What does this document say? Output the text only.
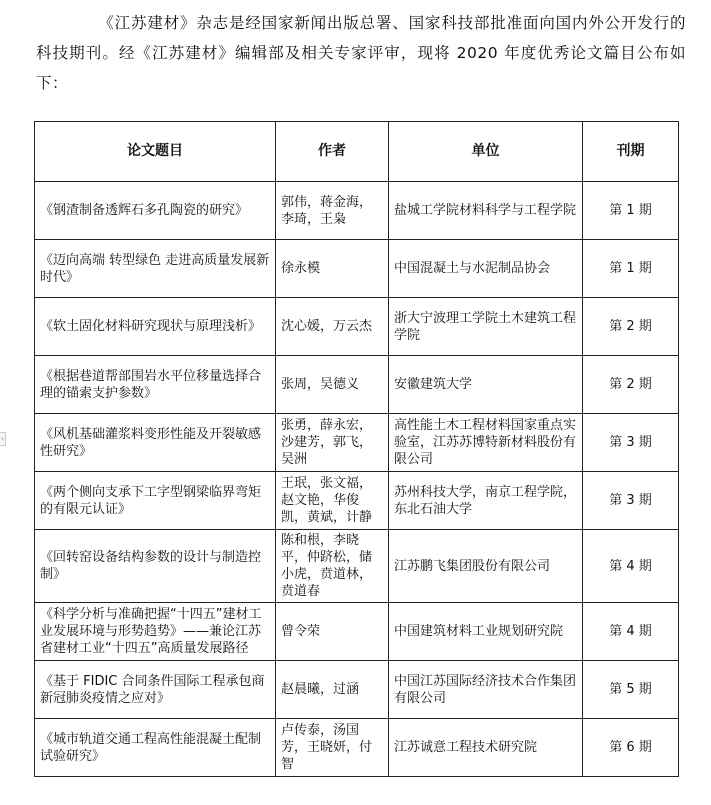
《江苏建材》杂志是经国家新闻出版总署、国家科技部批准面向国内外公开发行的科技期刊。经《江苏建材》编辑部及相关专家评审，现将 2020 年度优秀论文篇目公布如下：
论文题目	作者	单位	刊期
《钢渣制备透辉石多孔陶瓷的研究》	郭伟，蒋金海，李琦，王枭	盐城工学院材料科学与工程学院	第 1 期
《迈向高端 转型绿色 走进高质量发展新时代》	徐永模	中国混凝土与水泥制品协会	第 1 期
《软土固化材料研究现状与原理浅析》	沈心媛，万云杰	浙大宁波理工学院土木建筑工程学院	第 2 期
《根据巷道帮部围岩水平位移量选择合理的锚索支护参数》	张周，吴德义	安徽建筑大学	第 2 期
《风机基础灌浆料变形性能及开裂敏感性研究》	张勇，薛永宏，沙建芳，郭飞，吴洲	高性能土木工程材料国家重点实验室，江苏苏博特新材料股份有限公司	第 3 期
《两个侧向支承下工字型钢梁临界弯矩的有限元认证》	王珉，张文福，赵文艳，华俊凯，黄斌，计静	苏州科技大学，南京工程学院，东北石油大学	第 3 期
《回转窑设备结构参数的设计与制造控制》	陈和根，李晓平，仲跻松，储小虎，贲道林，贲道春	江苏鹏飞集团股份有限公司	第 4 期
《科学分析与准确把握“十四五”建材工业发展环境与形势趋势》——兼论江苏省建材工业“十四五”高质量发展路径	曾令荣	中国建筑材料工业规划研究院	第 4 期
《基于 FIDIC 合同条件国际工程承包商新冠肺炎疫情之应对》	赵晨曦，过涵	中国江苏国际经济技术合作集团有限公司	第 5 期
《城市轨道交通工程高性能混凝土配制试验研究》	卢传泰，汤国芳，王晓妍，付智	江苏诚意工程技术研究院	第 6 期
‹
